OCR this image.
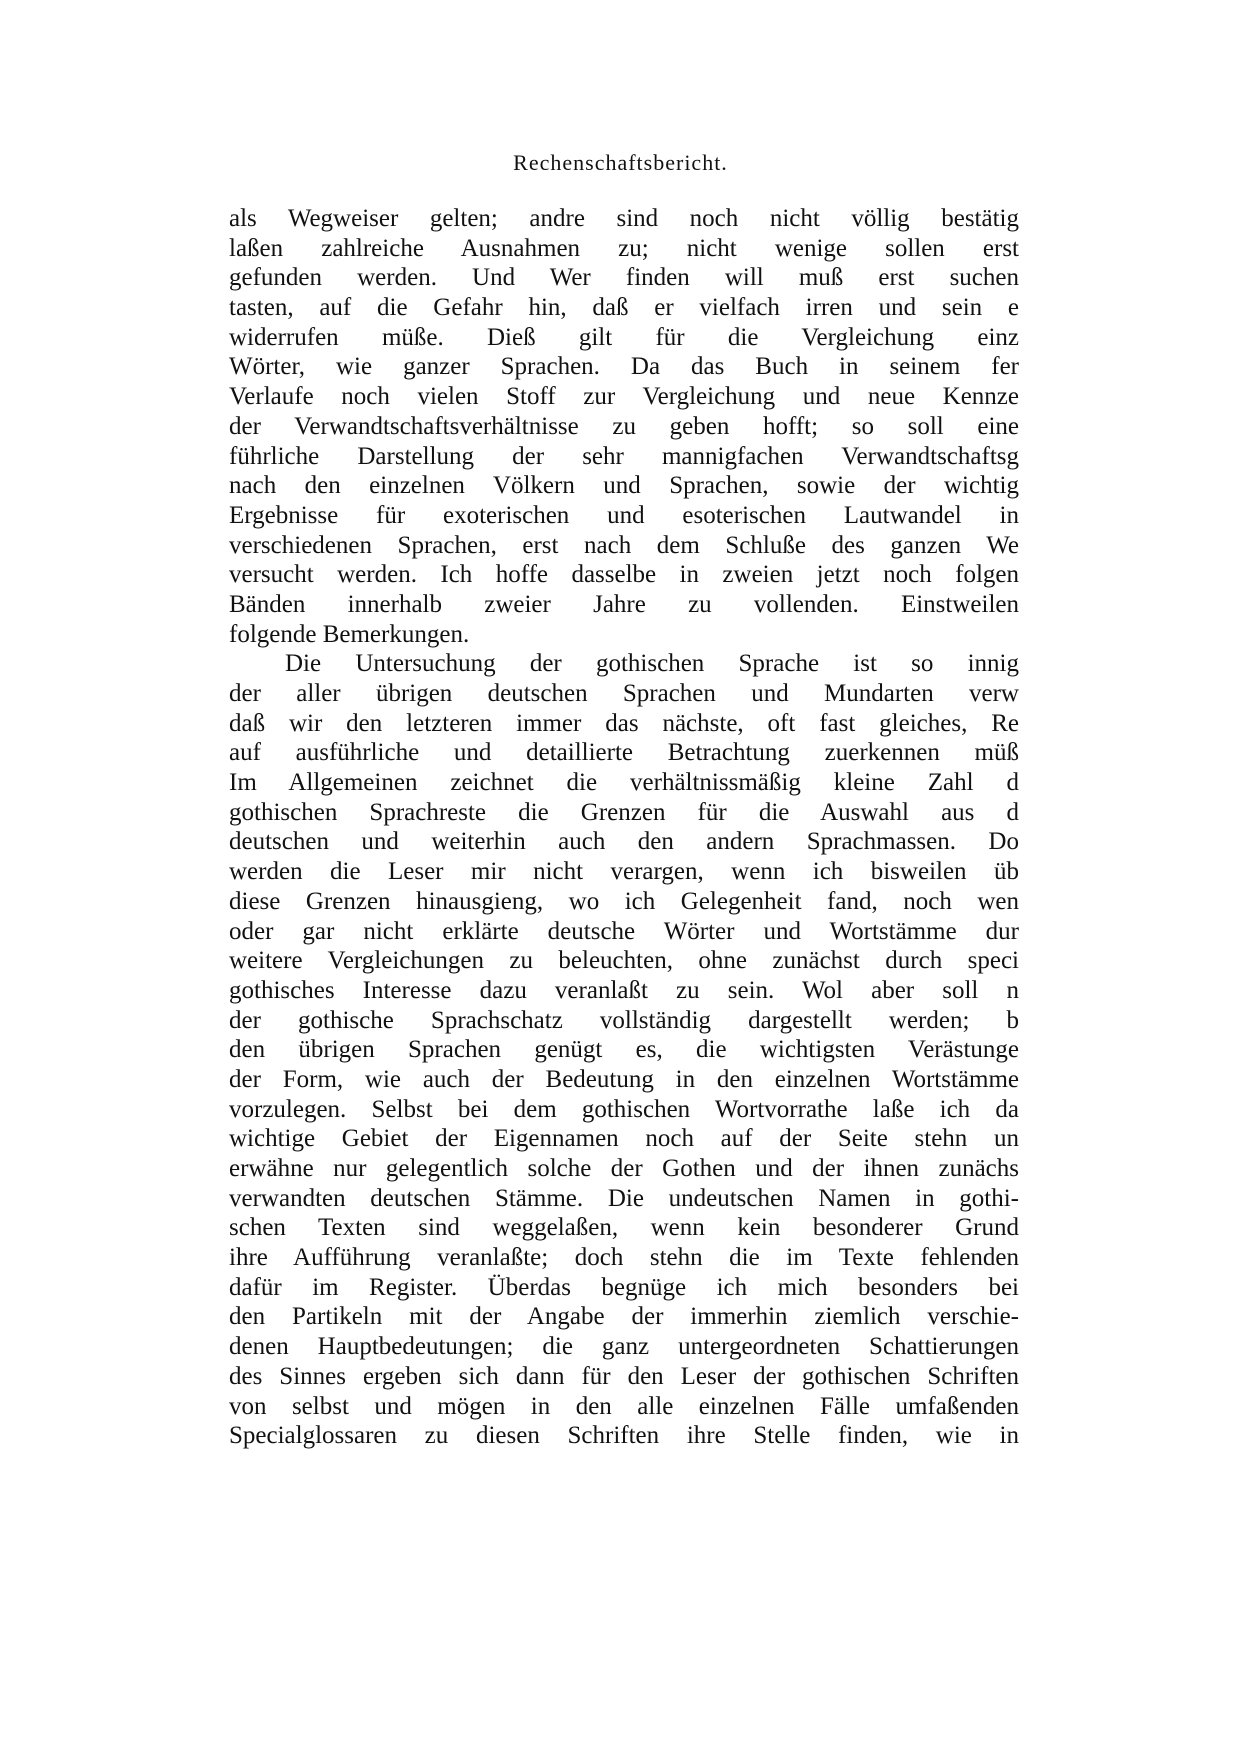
Rechenschaftsbericht.
als Wegweiser gelten; andre sind noch nicht völlig bestätig
laßen zahlreiche Ausnahmen zu; nicht wenige sollen erst
gefunden werden. Und Wer finden will muß erst suchen
tasten, auf die Gefahr hin, daß er vielfach irren und sein e
widerrufen müße. Dieß gilt für die Vergleichung einz
Wörter, wie ganzer Sprachen. Da das Buch in seinem fer
Verlaufe noch vielen Stoff zur Vergleichung und neue Kennze
der Verwandtschaftsverhältnisse zu geben hofft; so soll eine
führliche Darstellung der sehr mannigfachen Verwandtschaftsg
nach den einzelnen Völkern und Sprachen, sowie der wichtig
Ergebnisse für exoterischen und esoterischen Lautwandel in
verschiedenen Sprachen, erst nach dem Schluße des ganzen We
versucht werden. Ich hoffe dasselbe in zweien jetzt noch folgen
Bänden innerhalb zweier Jahre zu vollenden. Einstweilen
folgende Bemerkungen.
Die Untersuchung der gothischen Sprache ist so innig
der aller übrigen deutschen Sprachen und Mundarten verw
daß wir den letzteren immer das nächste, oft fast gleiches, Re
auf ausführliche und detaillierte Betrachtung zuerkennen müß
Im Allgemeinen zeichnet die verhältnissmäßig kleine Zahl d
gothischen Sprachreste die Grenzen für die Auswahl aus d
deutschen und weiterhin auch den andern Sprachmassen. Do
werden die Leser mir nicht verargen, wenn ich bisweilen üb
diese Grenzen hinausgieng, wo ich Gelegenheit fand, noch wen
oder gar nicht erklärte deutsche Wörter und Wortstämme dur
weitere Vergleichungen zu beleuchten, ohne zunächst durch speci
gothisches Interesse dazu veranlaßt zu sein. Wol aber soll n
der gothische Sprachschatz vollständig dargestellt werden; b
den übrigen Sprachen genügt es, die wichtigsten Verästunge
der Form, wie auch der Bedeutung in den einzelnen Wortstämme
vorzulegen. Selbst bei dem gothischen Wortvorrathe laße ich da
wichtige Gebiet der Eigennamen noch auf der Seite stehn un
erwähne nur gelegentlich solche der Gothen und der ihnen zunächs
verwandten deutschen Stämme. Die undeutschen Namen in gothi-
schen Texten sind weggelaßen, wenn kein besonderer Grund
ihre Aufführung veranlaßte; doch stehn die im Texte fehlenden
dafür im Register. Überdas begnüge ich mich besonders bei
den Partikeln mit der Angabe der immerhin ziemlich verschie-
denen Hauptbedeutungen; die ganz untergeordneten Schattierungen
des Sinnes ergeben sich dann für den Leser der gothischen Schriften
von selbst und mögen in den alle einzelnen Fälle umfaßenden
Specialglossaren zu diesen Schriften ihre Stelle finden, wie in
